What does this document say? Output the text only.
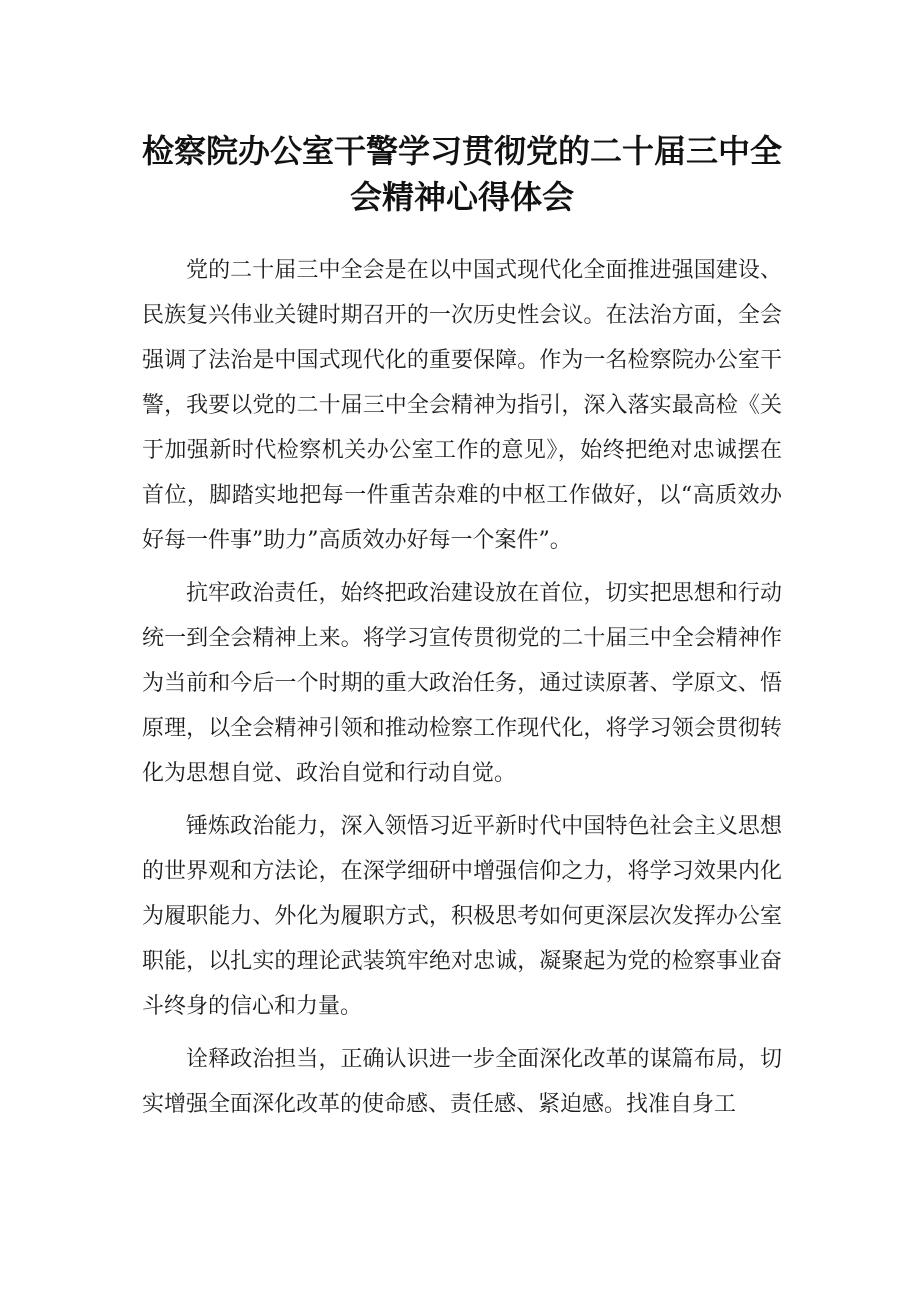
检察院办公室干警学习贯彻党的二十届三中全
会精神心得体会

党的二十届三中全会是在以中国式现代化全面推进强国建设、民族复兴伟业关键时期召开的一次历史性会议。在法治方面，全会强调了法治是中国式现代化的重要保障。作为一名检察院办公室干警，我要以党的二十届三中全会精神为指引，深入落实最高检《关于加强新时代检察机关办公室工作的意见》，始终把绝对忠诚摆在首位，脚踏实地把每一件重苦杂难的中枢工作做好，以“高质效办好每一件事”助力”高质效办好每一个案件”。

抗牢政治责任，始终把政治建设放在首位，切实把思想和行动统一到全会精神上来。将学习宣传贯彻党的二十届三中全会精神作为当前和今后一个时期的重大政治任务，通过读原著、学原文、悟原理，以全会精神引领和推动检察工作现代化，将学习领会贯彻转化为思想自觉、政治自觉和行动自觉。

锤炼政治能力，深入领悟习近平新时代中国特色社会主义思想的世界观和方法论，在深学细研中增强信仰之力，将学习效果内化为履职能力、外化为履职方式，积极思考如何更深层次发挥办公室职能，以扎实的理论武装筑牢绝对忠诚，凝聚起为党的检察事业奋斗终身的信心和力量。

诠释政治担当，正确认识进一步全面深化改革的谋篇布局，切实增强全面深化改革的使命感、责任感、紧迫感。找准自身工
